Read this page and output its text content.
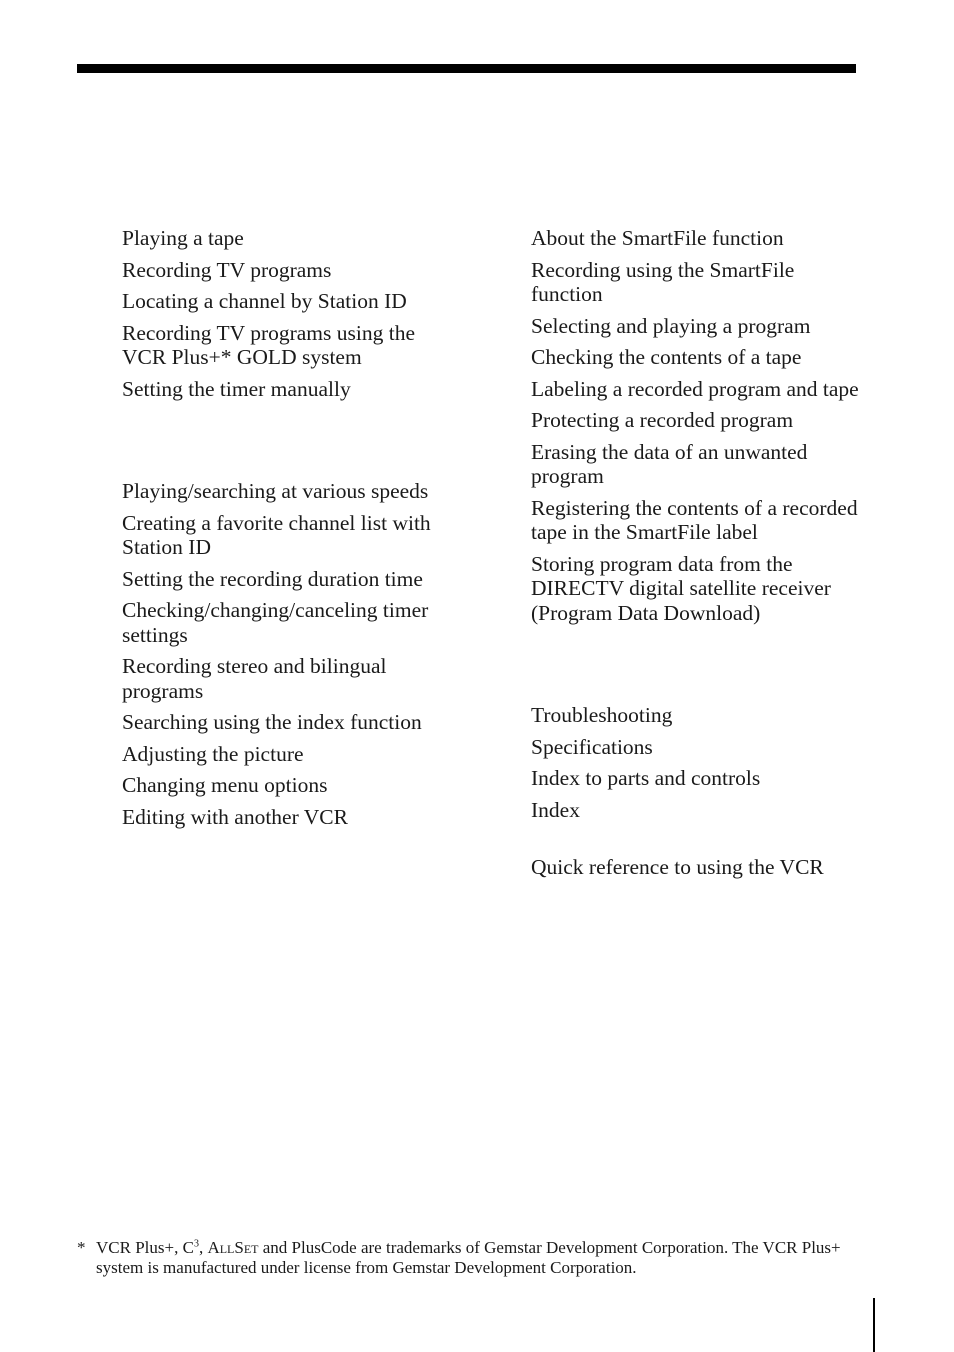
Playing a tape
Recording TV programs
Locating a channel by Station ID
Recording TV programs using the VCR Plus+* GOLD system
Setting the timer manually
Playing/searching at various speeds
Creating a favorite channel list with Station ID
Setting the recording duration time
Checking/changing/canceling timer settings
Recording stereo and bilingual programs
Searching using the index function
Adjusting the picture
Changing menu options
Editing with another VCR
About the SmartFile function
Recording using the SmartFile function
Selecting and playing a program
Checking the contents of a tape
Labeling a recorded program and tape
Protecting a recorded program
Erasing the data of an unwanted program
Registering the contents of a recorded tape in the SmartFile label
Storing program data from the DIRECTV digital satellite receiver (Program Data Download)
Troubleshooting
Specifications
Index to parts and controls
Index
Quick reference to using the VCR
* VCR Plus+, $C^3$, AllSet and PlusCode are trademarks of Gemstar Development Corporation. The VCR Plus+ system is manufactured under license from Gemstar Development Corporation.
